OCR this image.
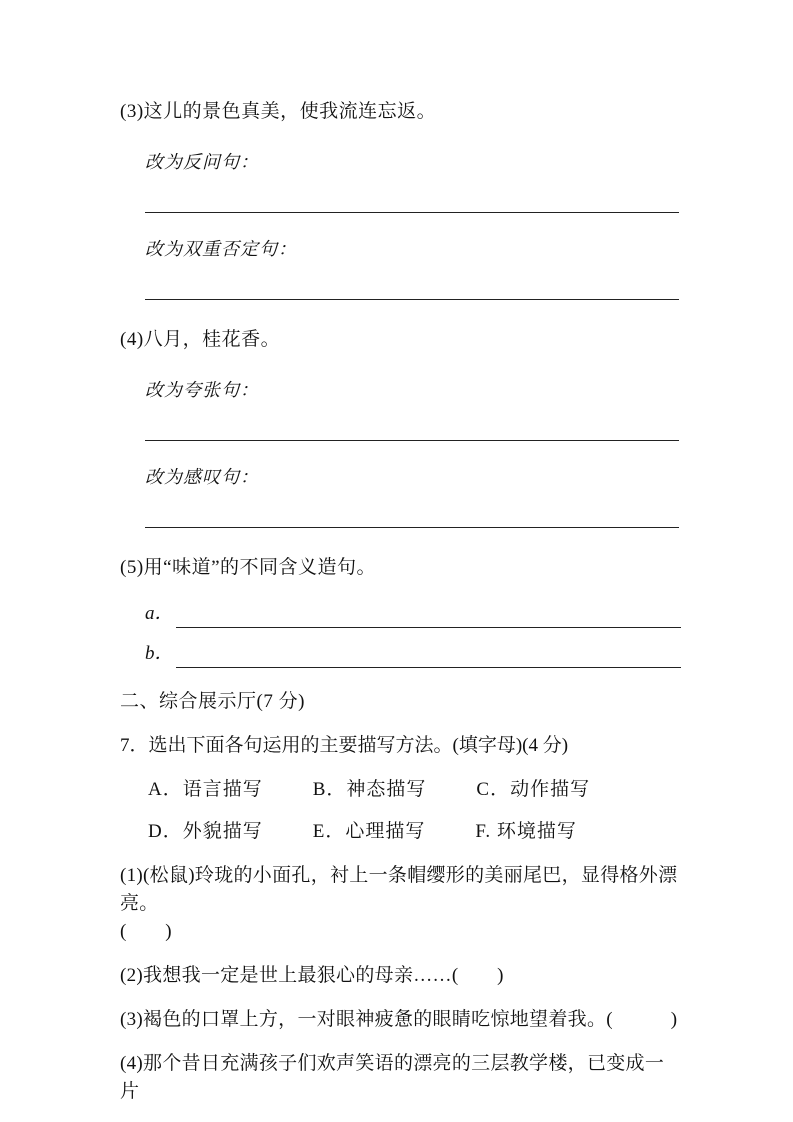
(3)这儿的景色真美，使我流连忘返。

改为反问句：

改为双重否定句：

(4)八月，桂花香。

改为夸张句：

改为感叹句：

(5)用“味道”的不同含义造句。

a．
b．

二、综合展示厅(7 分)

7．选出下面各句运用的主要描写方法。(填字母)(4 分)

A．语言描写	B．神态描写	C．动作描写
D．外貌描写	E．心理描写	F. 环境描写

(1)(松鼠)玲珑的小面孔，衬上一条帽缨形的美丽尾巴，显得格外漂亮。

(　　)

(2)我想我一定是世上最狠心的母亲……(　　)

(3)褐色的口罩上方，一对眼神疲惫的眼睛吃惊地望着我。(　　　)

(4)那个昔日充满孩子们欢声笑语的漂亮的三层教学楼，已变成一片
